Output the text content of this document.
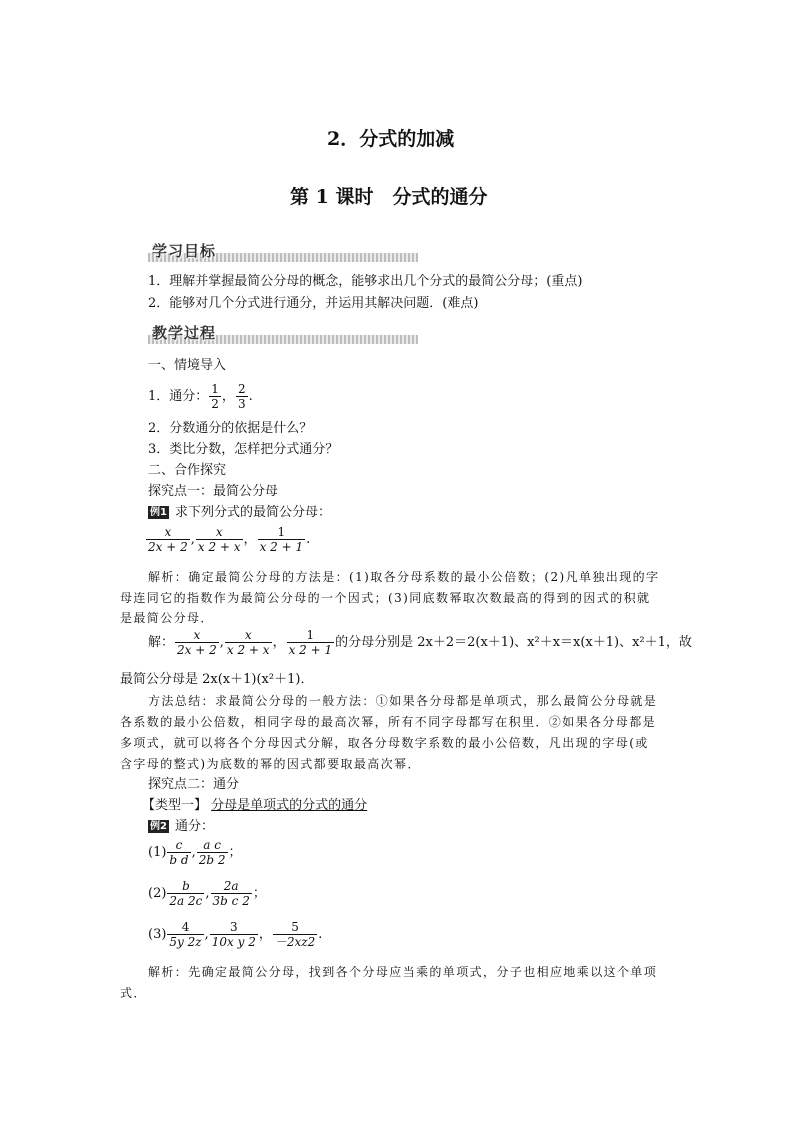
2．分式的加减
第 1 课时　分式的通分
学习目标
1．理解并掌握最简公分母的概念，能够求出几个分式的最简公分母；(重点)
2．能够对几个分式进行通分，并运用其解决问题．(难点)
教学过程
一、情境导入
1．通分： $\frac{1}{2}$ ， $\frac{2}{3}$ .
2．分数通分的依据是什么？
3．类比分数，怎样把分式通分？
二、合作探究
探究点一：最简公分母
例1 求下列分式的最简公分母：
$\frac{x}{2x + 2}$ , $\frac{x}{x 2 + x}$ ， $\frac{1}{x 2 + 1}$ .
解析：确定最简公分母的方法是：(1)取各分母系数的最小公倍数；(2)凡单独出现的字
母连同它的指数作为最简公分母的一个因式；(3)同底数幂取次数最高的得到的因式的积就
是最简公分母．
解： $\frac{x}{2x + 2}$ , $\frac{x}{x 2 + x}$ ， $\frac{1}{x 2 + 1}$ 的分母分别是 2x＋2＝2(x＋1)、x²＋x＝x(x＋1)、x²＋1，故
最简公分母是 2x(x＋1)(x²＋1)．
方法总结：求最简公分母的一般方法：①如果各分母都是单项式，那么最简公分母就是
各系数的最小公倍数，相同字母的最高次幂，所有不同字母都写在积里．②如果各分母都是
多项式，就可以将各个分母因式分解，取各分母数字系数的最小公倍数，凡出现的字母(或
含字母的整式)为底数的幂的因式都要取最高次幂．
探究点二：通分
【类型一】 分母是单项式的分式的通分
例2 通分：
$(1) \frac{c}{\text{b d}}$ , $\frac{\text{a c}}{2b 2}$ ；
$(2) \frac{b}{2a 2c}$ , $\frac{2a}{\text{3b c 2}}$ ；
$(3) \frac{4}{5y 2z}$ , $\frac{3}{\text{10x y 2}}$ ， $\frac{5}{-2xz2}$ .
解析：先确定最简公分母，找到各个分母应当乘的单项式，分子也相应地乘以这个单项
式．
